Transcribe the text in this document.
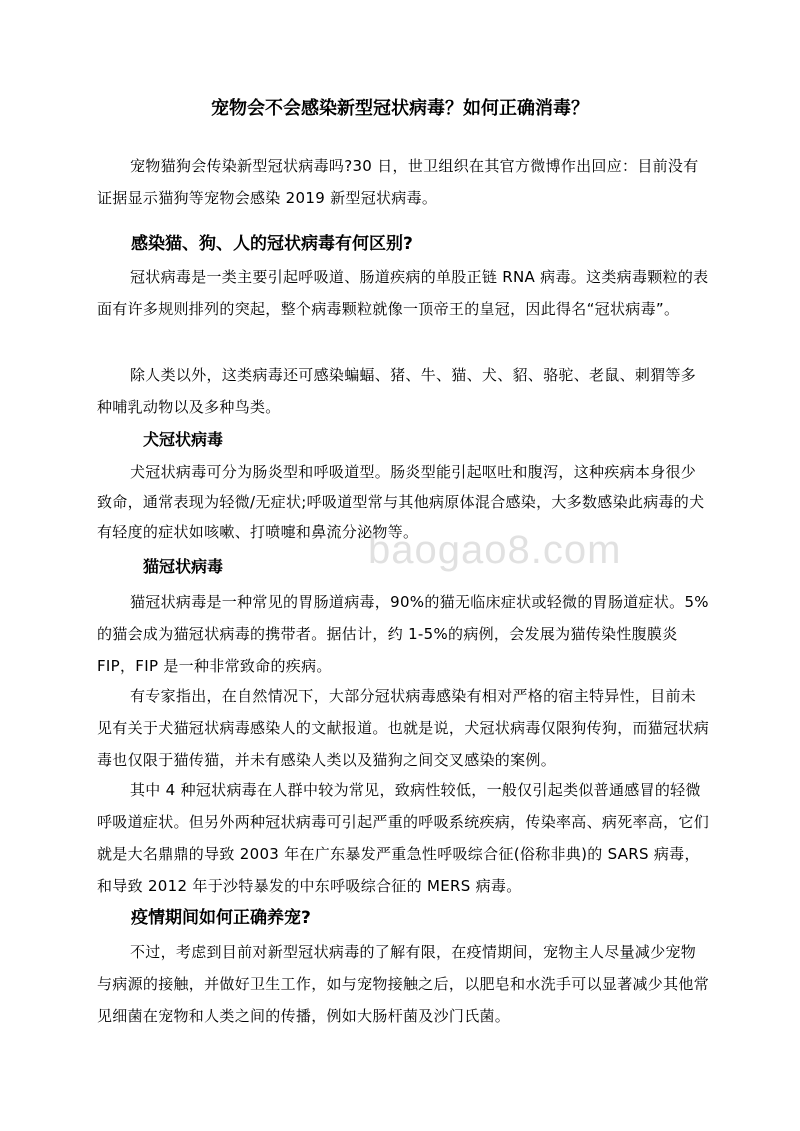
宠物会不会感染新型冠状病毒？如何正确消毒？
宠物猫狗会传染新型冠状病毒吗?30 日，世卫组织在其官方微博作出回应：目前没有证据显示猫狗等宠物会感染 2019 新型冠状病毒。
感染猫、狗、人的冠状病毒有何区别?
冠状病毒是一类主要引起呼吸道、肠道疾病的单股正链 RNA 病毒。这类病毒颗粒的表面有许多规则排列的突起，整个病毒颗粒就像一顶帝王的皇冠，因此得名“冠状病毒”。
除人类以外，这类病毒还可感染蝙蝠、猪、牛、猫、犬、貂、骆驼、老鼠、刺猬等多种哺乳动物以及多种鸟类。
犬冠状病毒
犬冠状病毒可分为肠炎型和呼吸道型。肠炎型能引起呕吐和腹泻，这种疾病本身很少致命，通常表现为轻微/无症状;呼吸道型常与其他病原体混合感染，大多数感染此病毒的犬有轻度的症状如咳嗽、打喷嚏和鼻流分泌物等。
baogao8.com
猫冠状病毒
猫冠状病毒是一种常见的胃肠道病毒，90%的猫无临床症状或轻微的胃肠道症状。5%的猫会成为猫冠状病毒的携带者。据估计，约 1-5%的病例，会发展为猫传染性腹膜炎 FIP，FIP 是一种非常致命的疾病。
有专家指出，在自然情况下，大部分冠状病毒感染有相对严格的宿主特异性，目前未见有关于犬猫冠状病毒感染人的文献报道。也就是说，犬冠状病毒仅限狗传狗，而猫冠状病毒也仅限于猫传猫，并未有感染人类以及猫狗之间交叉感染的案例。
其中 4 种冠状病毒在人群中较为常见，致病性较低，一般仅引起类似普通感冒的轻微呼吸道症状。但另外两种冠状病毒可引起严重的呼吸系统疾病，传染率高、病死率高，它们就是大名鼎鼎的导致 2003 年在广东暴发严重急性呼吸综合征(俗称非典)的 SARS 病毒，和导致 2012 年于沙特暴发的中东呼吸综合征的 MERS 病毒。
疫情期间如何正确养宠?
不过，考虑到目前对新型冠状病毒的了解有限，在疫情期间，宠物主人尽量减少宠物与病源的接触，并做好卫生工作，如与宠物接触之后，以肥皂和水洗手可以显著减少其他常见细菌在宠物和人类之间的传播，例如大肠杆菌及沙门氏菌。
